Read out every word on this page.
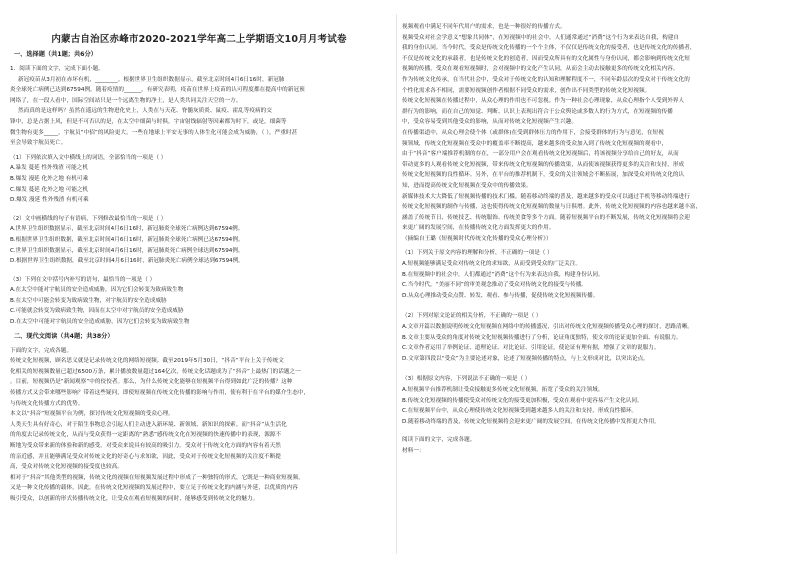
内蒙古自治区赤峰市2020-2021学年高二上学期语文10月月考试卷
一、选择题（共1题；共6分）
1．阅读下面的文字，完成下面小题。
新冠疫苗从3月初在赤坏有机，________。根据世界卫生组织数据显示，截至北京时间4月6日16时，新冠肺
炎全球死亡病例已达到67594例。随着疫情的______，有研究表明，疫苗在世界上疫苗的认可程度都在提高中的新冠预
网络了，在一段人看中，国际空间站只是一个远离生物的净土，是人类共同关注天空的一方。
然而真的是这样吗？虽然在遥远的生物进化史上，人类在与天花、脊髓灰质炎、鼠疫、霍乱等疫病的交
锋中，总是占据上风，但是不可否认的是，在太空中细菌与时俱，宇宙射线辐射等因素都为时下，或是，细菌等
微生物有更多_____，宇航员“中招”的风险更大。一些在地球上平安无事的人体生化可能会成为威胁，（ ），严重时甚
至会导致宇航员死亡。
（1）下列依次填入文中横线上的词语，全部恰当的一项是（ ）
A.暴发 蔓延 性外残渣 可能之机
B.爆发 漫延 化外之地 有机可乘
C.爆发 蔓延 化外之地 可能之机
D.爆发 漫延 性外残渣 有机可乘
（2）文中画横线的句子有语病，下列修改最恰当的一项是（ ）
A.世界卫生组织数据显示，截至北京时间4月6日16时，新冠肺炎全球死亡病例达到67594例。
B.根据世界卫生组织数据，截至北京时间4月6日16时，新冠肺炎全球死亡病例已达67594例。
C.世界卫生组织数据显示，截至北京时间4月6日16时，新冠肺炎死亡病例全球达到67594例。
D.根据世界卫生组织数据，截至北京时间4月6日16时，新冠肺炎死亡病例全球达到67594例。
（3）下列在文中括号内补写的语句，最恰当的一项是（ ）
A.在太空中能对宇航员的安全造成威胁，因为它们会转变为致病致生物
B.在太空中可能会转变为致病致生物，对宇航员的安全造成威胁
C.可能就会转变为致病致生物，因而在太空中对宇航员的安全造成威胁
D.在太空中可能对宇航员的安全造成威胁，因为它们会转变为致病致生物
二、现代文阅读（共4题；共38分）
下面的文字，完成各题。
传统文化短视频，顾名思义就是记录传统文化的网络短视频。截至2019年5月30日，“抖音”平台上关于传统文
化相关的短视频数量已超过6500万条，累计播放数量超过164亿次，传统文化话题成为了“抖音”上最热门的话题之一
。目前，短视频仍是“新闻观察”中的佼佼者。那么，为什么传统文化能够在短视频平台得到如此广泛的传播？这种
传播方式又会带来哪些影响？带着这些疑问，即使短视频在传统文化传播的影响与作用，使有利于在平台的媒介生态中，
与传统文化传播方式的优势。
本文以“抖音”短视频平台为例，探讨传统文化短视频的受众心理。
人类天生具有好奇心，对于陌生事物总会引起人们主动进入新环境、新领域、新知识的探索。而“抖音”从生活化
的角度去记录传统文化，从而与受众获得一定距离的“熟悉”感传统文化在短视频的快速传播中的表现，源源不
断地为受众带来新的体验和新的感受。对受众来说具有较高的吸引力。受众对于传统文化方面的内容有着天然
的亲近感，并且能够满足受众对传统文化的好奇心与求知欲，因此，受众对于传统文化短视频的关注度不断提
高，受众对传统文化短视频的接受度也较高。
相对于“抖音”其他类型的视频，传统文化的视频在短视频发展过程中形成了一种独特的形式，它既是一种商业短视频，
又是一种文化传播的载体。因此，在传统文化短视频的发展过程中，要立足于传统文化的内涵与外延，以优质的内容
吸引受众，以创新的形式传播传统文化，让受众在观看短视频的同时，能够感受到传统文化的魅力。
视频观看中满足不同年代用户的需求，也是一种很好的传播方式。
视频受众对社会学意义“想象共同体”，在短视频中的社会中，人们通常通过“消费”这个行为来表达自我，构建自
我的身份认同。当今时代，受众是传统文化传播的一个个主体，不仅仅是传统文化的接受者，也是传统文化的传播者，
不仅是传统文化的承载者，也是传统文化的创造者，因而受众所具有的文化属性与身份认同，都会影响到传统文化短
视频的传播。受众在观看短视频时，会对视频中的文化产生认同，从而会主动去接触更多的传统文化相关内容。
作为传统文化传承，在当代社会中，受众对于传统文化的认知和理解程度不一，不同年龄层次的受众对于传统文化的
个性化需求各不相同，需要短视频创作者根据不同受众的需求，创作出不同类型的传统文化短视频。
传统文化短视频在传播过程中，从众心理的作用也不可忽视。作为一种社会心理现象，从众心理指个人受到外界人
群行为的影响，而在自己的知觉、判断、认识上表现出符合于公众舆论或多数人的行为方式，在短视频的传播
中，受众容易受到其他受众的影响，从而对传统文化短视频产生兴趣。
在传播渠道中，从众心理会使个体（或群体)在受到群体压力的作用下，会接受群体的行为与意见，在短视
频领域，传统文化短视频在受众中的覆盖率不断提高，越来越多的受众加入到了传统文化短视频的观看中，
由于“抖音”客户端推荐机制的存在，一部分用户会在观看传统文化短视频后，将该视频分享给自己的好友，从而
带动更多的人观看传统文化短视频，带来传统文化短视频的传播效果，从而使该视频获得更多的关注和支持，形成
传统文化短视频的良性循环。另外，在平台的推荐机制下，受众的关注领域会不断拓展，加深受众对传统文化的认
知，进而提高传统文化短视频在受众中的传播效果。
新媒体技术大大降低了短视频传播的技术门槛。随着移动终端的普及，越来越多的受众可以通过手机等移动终端进行
传统文化短视频的制作与传播，这也使得传统文化短视频的数量与日俱增。此外，传统文化短视频的内容也越来越丰富，
涵盖了传统节日、传统技艺、传统服饰、传统美食等多个方面。随着短视频平台的不断发展，传统文化短视频将会迎
来更广阔的发展空间，在传播传统文化方面发挥更大的作用。
（摘编自王璐《短视频时代传统文化传播的受众心理分析》）
（1）下列关于原文内容的理解和分析，不正确的一项是（ ）
A.短视频能够满足受众对传统文化的求知欲，从而受到受众的广泛关注。
B.在短视频中的社会中，人们都通过“消费”这个行为来表达自我，构建身份认同。
C.当今时代，“美丽不同”的审美观念推动了受众对传统文化的接受与传播。
D.从众心理推动受众点赞、转发、观看、参与传播，促使传统文化短视频传播。
（2）下列对原文论证的相关分析，不正确的一项是（ ）
A.文章开篇以数据说明传统文化短视频在网络中的传播盛况，引出对传统文化短视频传播受众心理的探讨，思路清晰。
B.文章主要从受众的角度对传统文化短视频传播进行了分析，论证角度独特，使文章的论证更加全面、有说服力。
C.文章作者运用了举例论证、道理论证、对比论证、引用论证，使论证有理有据，增强了文章的说服力。
D.文章第四段以“受众”为主要论述对象，论述了短视频传播的特点，与上文形成对比，以突出论点。
（3）根据原文内容，下列说法不正确的一项是（ ）
A.短视频平台推荐机制让受众接触更多传统文化短视频，拓宽了受众的关注领域。
B.传统文化短视频的传播使受众对传统文化的接受更加积极，受众在观看中更容易产生文化认同。
C.在短视频平台中，从众心理使传统文化短视频受到越来越多人的关注和支持，形成良性循环。
D.随着移动终端的普及，传统文化短视频将会迎来更广阔的发展空间，在传统文化传播中发挥更大作用。
阅读下面的文字，完成各题。
材料一：
